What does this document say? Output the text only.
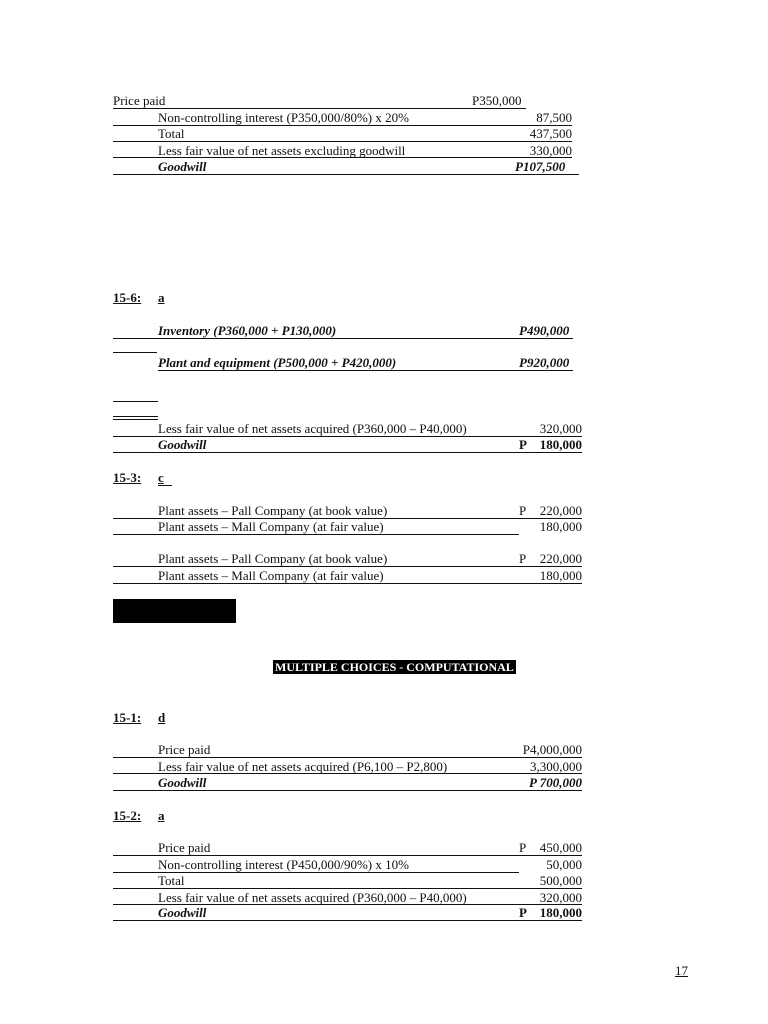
Price paid	P350,000
Non-controlling interest (P350,000/80%) x 20%	87,500
Total	437,500
Less fair value of net assets excluding goodwill	330,000
Goodwill	P107,500
15-6: a
Inventory (P360,000 + P130,000)	P490,000
Plant and equipment (P500,000 + P420,000)	P920,000
Less fair value of net assets acquired (P360,000 – P40,000)	320,000
Goodwill	P 180,000
15-3: c
Plant assets – Pall Company (at book value)	P	220,000
Plant assets – Mall Company (at fair value)	180,000
Plant assets – Pall Company (at book value)	P	220,000
Plant assets – Mall Company (at fair value)	180,000
MULTIPLE CHOICES - COMPUTATIONAL
15-1: d
Price paid	P4,000,000
Less fair value of net assets acquired (P6,100 – P2,800)	3,300,000
Goodwill	P 700,000
15-2: a
Price paid	P	450,000
Non-controlling interest (P450,000/90%) x 10%	50,000
Total	500,000
Less fair value of net assets acquired (P360,000 – P40,000)	320,000
Goodwill	P 180,000
17
